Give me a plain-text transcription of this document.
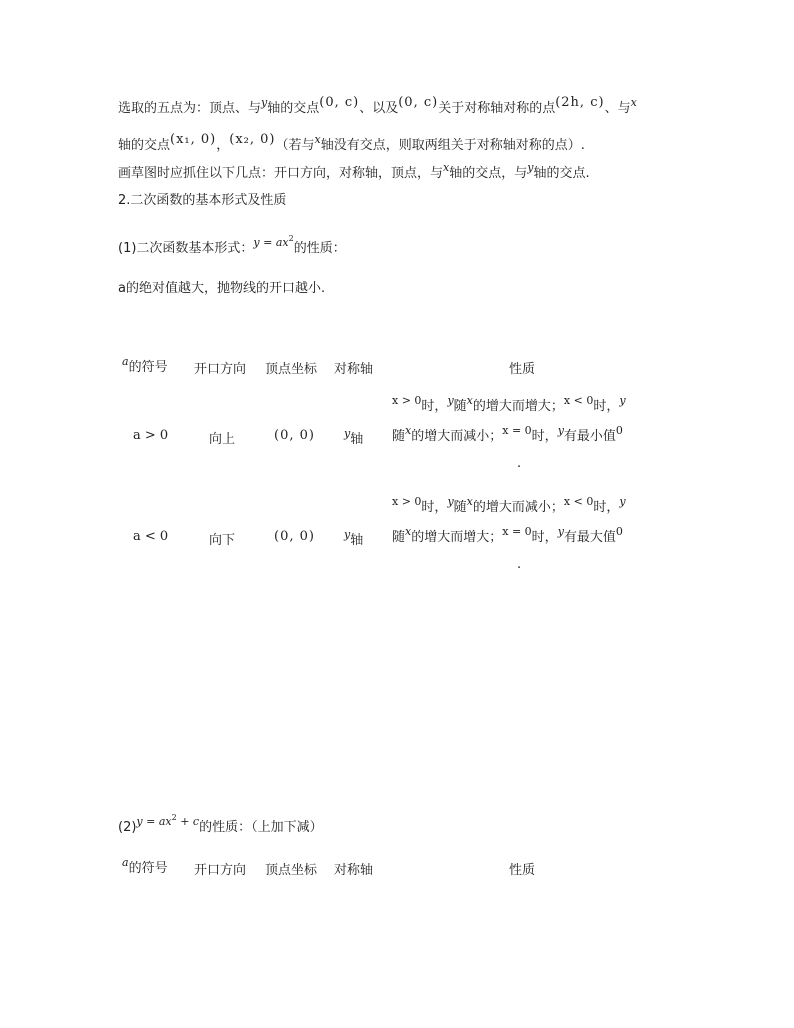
选取的五点为：顶点、与$^y$轴的交点(0, c)、以及(0, c)关于对称轴对称的点(2h, c)、与$^x$
轴的交点(x₁, 0)，(x₂, 0)（若与$^x$轴没有交点，则取两组关于对称轴对称的点）.
画草图时应抓住以下几点：开口方向，对称轴，顶点，与$^x$轴的交点，与$^y$轴的交点.
2.二次函数的基本形式及性质
(1)二次函数基本形式：$^{y = ax2}$的性质：
a的绝对值越大，抛物线的开口越小.
$^a$的符号 开口方向 顶点坐标 对称轴	性质
a > 0	向上	(0, 0)	$^y$轴
$^{x > 0}$时，$^y$随$^x$的增大而增大；$^{x < 0}$时，$^y$
随$^x$的增大而减小；$^{x = 0}$时，$^y$有最小值$^0$
.
a < 0	向下	(0, 0)	$^y$轴
$^{x > 0}$时，$^y$随$^x$的增大而减小；$^{x < 0}$时，$^y$
随$^x$的增大而增大；$^{x = 0}$时，$^y$有最大值$^0$
.
$(2)^{y = ax2}$ $^{+ c}$的性质：（上加下减）
$^a$的符号 开口方向 顶点坐标 对称轴	性质
